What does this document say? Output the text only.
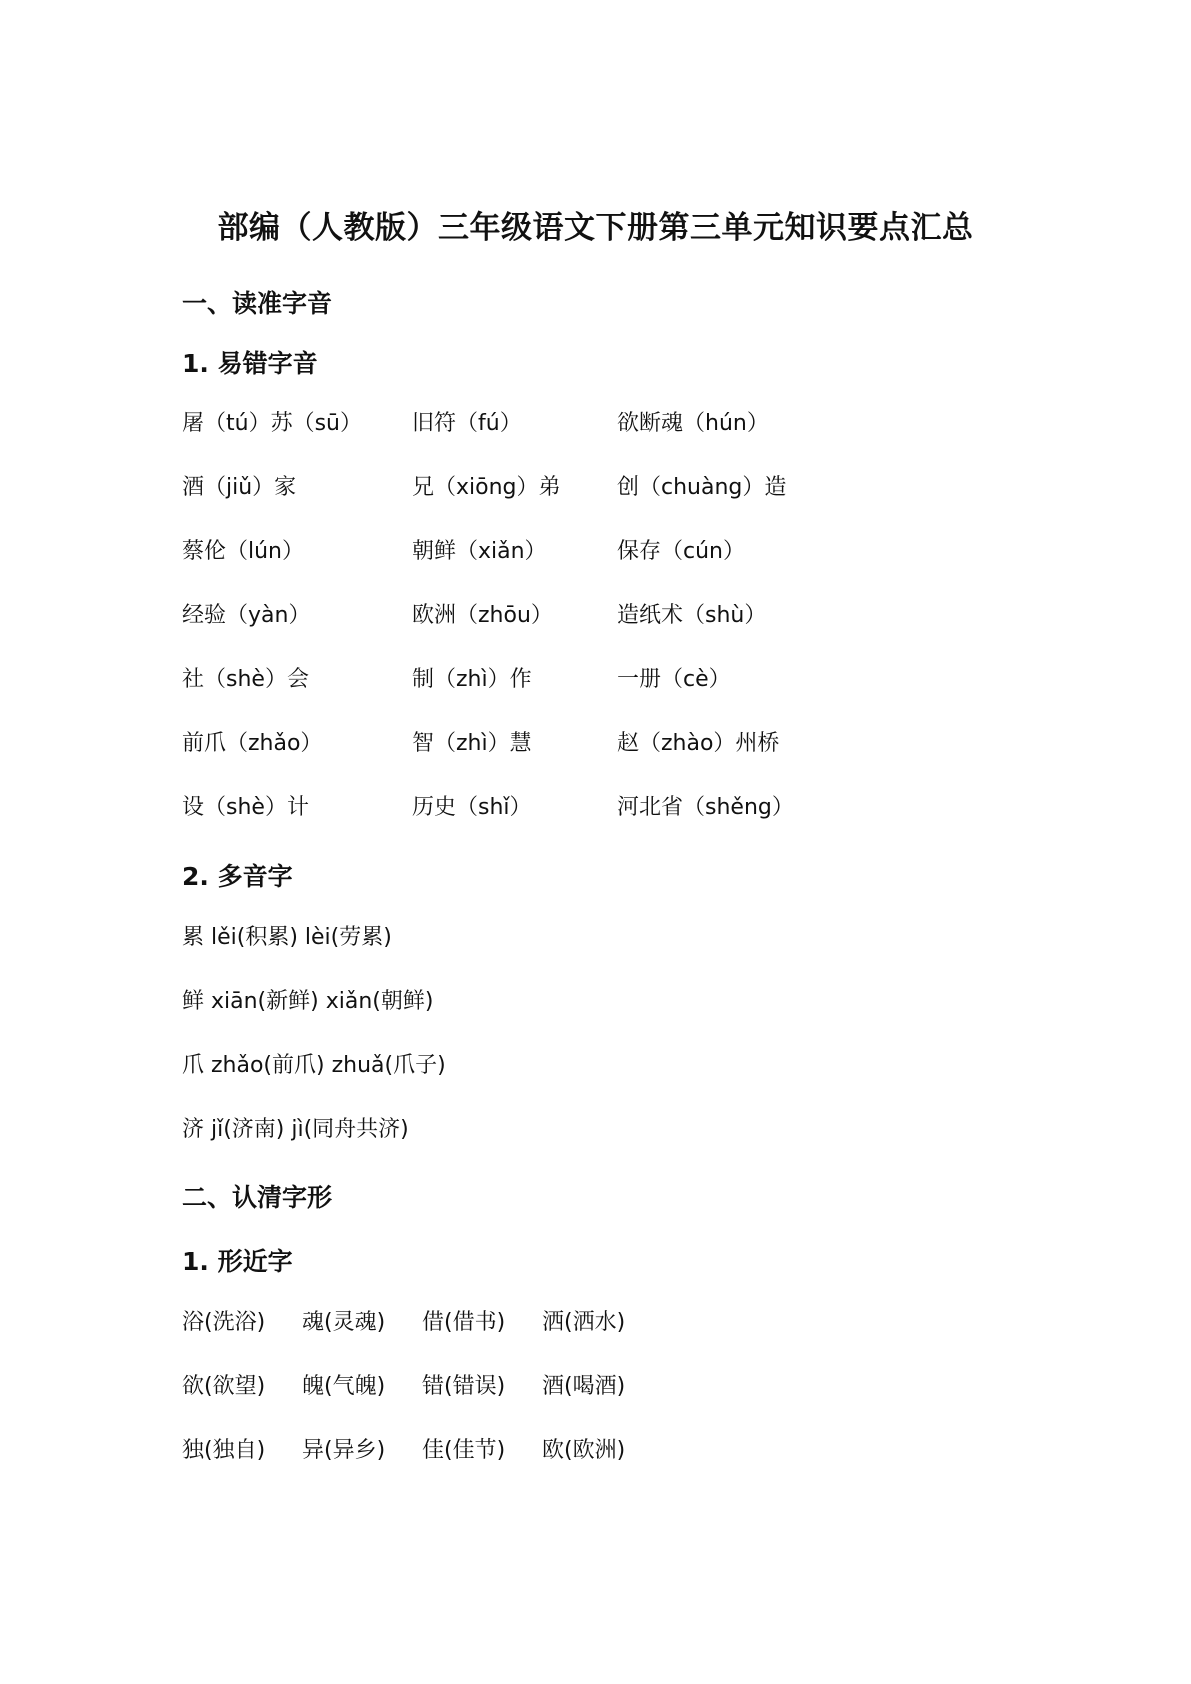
部编（人教版）三年级语文下册第三单元知识要点汇总
一、读准字音
1. 易错字音
屠（tú）苏（sū） 旧符（fú）	欲断魂（hún）
酒（jiǔ）家	兄（xiōng）弟	创（chuàng）造
蔡伦（lún）	朝鲜（xiǎn）	保存（cún）
经验（yàn）	欧洲（zhōu）	造纸术（shù）
社（shè）会	制（zhì）作	一册（cè）
前爪（zhǎo）	智（zhì）慧	赵（zhào）州桥
设（shè）计	历史（shǐ）	河北省（shěng）
2. 多音字
累 lěi(积累) lèi(劳累)
鲜 xiān(新鲜) xiǎn(朝鲜)
爪 zhǎo(前爪) zhuǎ(爪子)
济 jǐ(济南) jì(同舟共济)
二、认清字形
1. 形近字
浴(洗浴) 魂(灵魂) 借(借书) 洒(洒水)
欲(欲望) 魄(气魄) 错(错误) 酒(喝酒)
独(独自) 异(异乡) 佳(佳节) 欧(欧洲)
